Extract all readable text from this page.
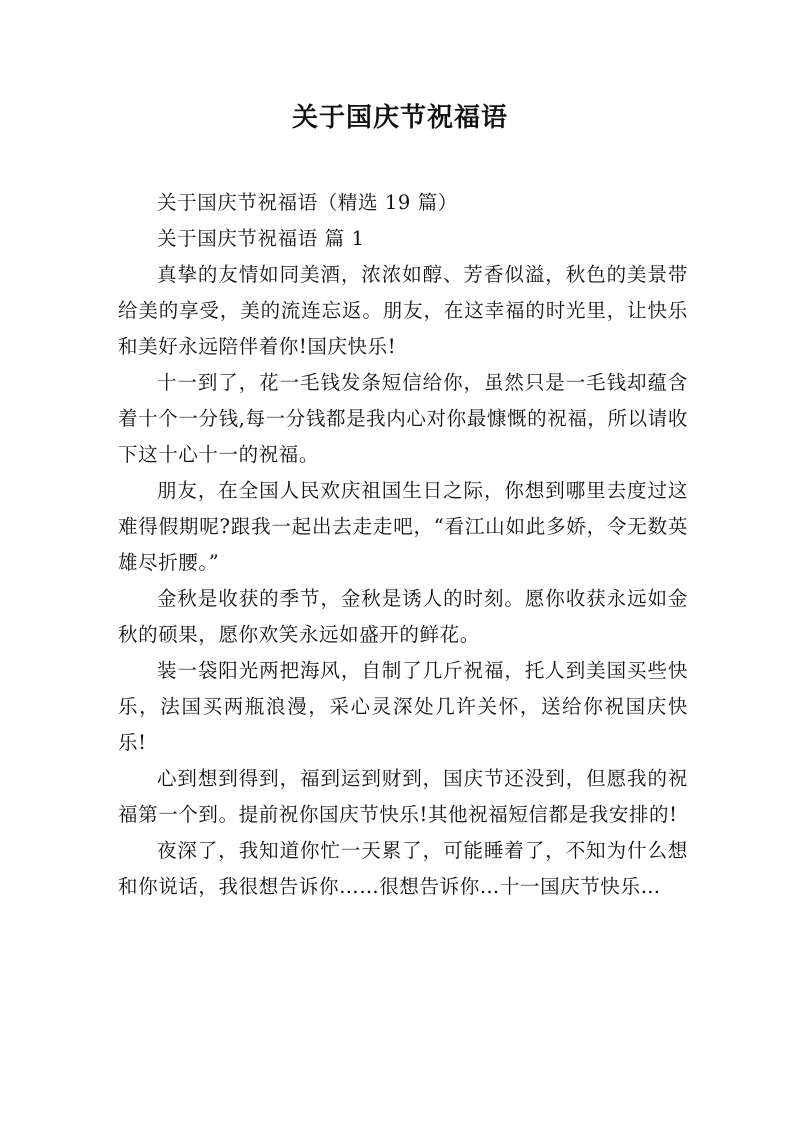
关于国庆节祝福语

关于国庆节祝福语（精选 19 篇）

关于国庆节祝福语 篇 1

真挚的友情如同美酒，浓浓如醇、芳香似溢，秋色的美景带给美的享受，美的流连忘返。朋友，在这幸福的时光里，让快乐和美好永远陪伴着你!国庆快乐!

十一到了，花一毛钱发条短信给你，虽然只是一毛钱却蕴含着十个一分钱,每一分钱都是我内心对你最慷慨的祝福，所以请收下这十心十一的祝福。

朋友，在全国人民欢庆祖国生日之际，你想到哪里去度过这难得假期呢?跟我一起出去走走吧，“看江山如此多娇，令无数英雄尽折腰。”

金秋是收获的季节，金秋是诱人的时刻。愿你收获永远如金秋的硕果，愿你欢笑永远如盛开的鲜花。

装一袋阳光两把海风，自制了几斤祝福，托人到美国买些快乐，法国买两瓶浪漫，采心灵深处几许关怀，送给你祝国庆快乐!

心到想到得到，福到运到财到，国庆节还没到，但愿我的祝福第一个到。提前祝你国庆节快乐!其他祝福短信都是我安排的!

夜深了，我知道你忙一天累了，可能睡着了，不知为什么想和你说话，我很想告诉你……很想告诉你…十一国庆节快乐…
